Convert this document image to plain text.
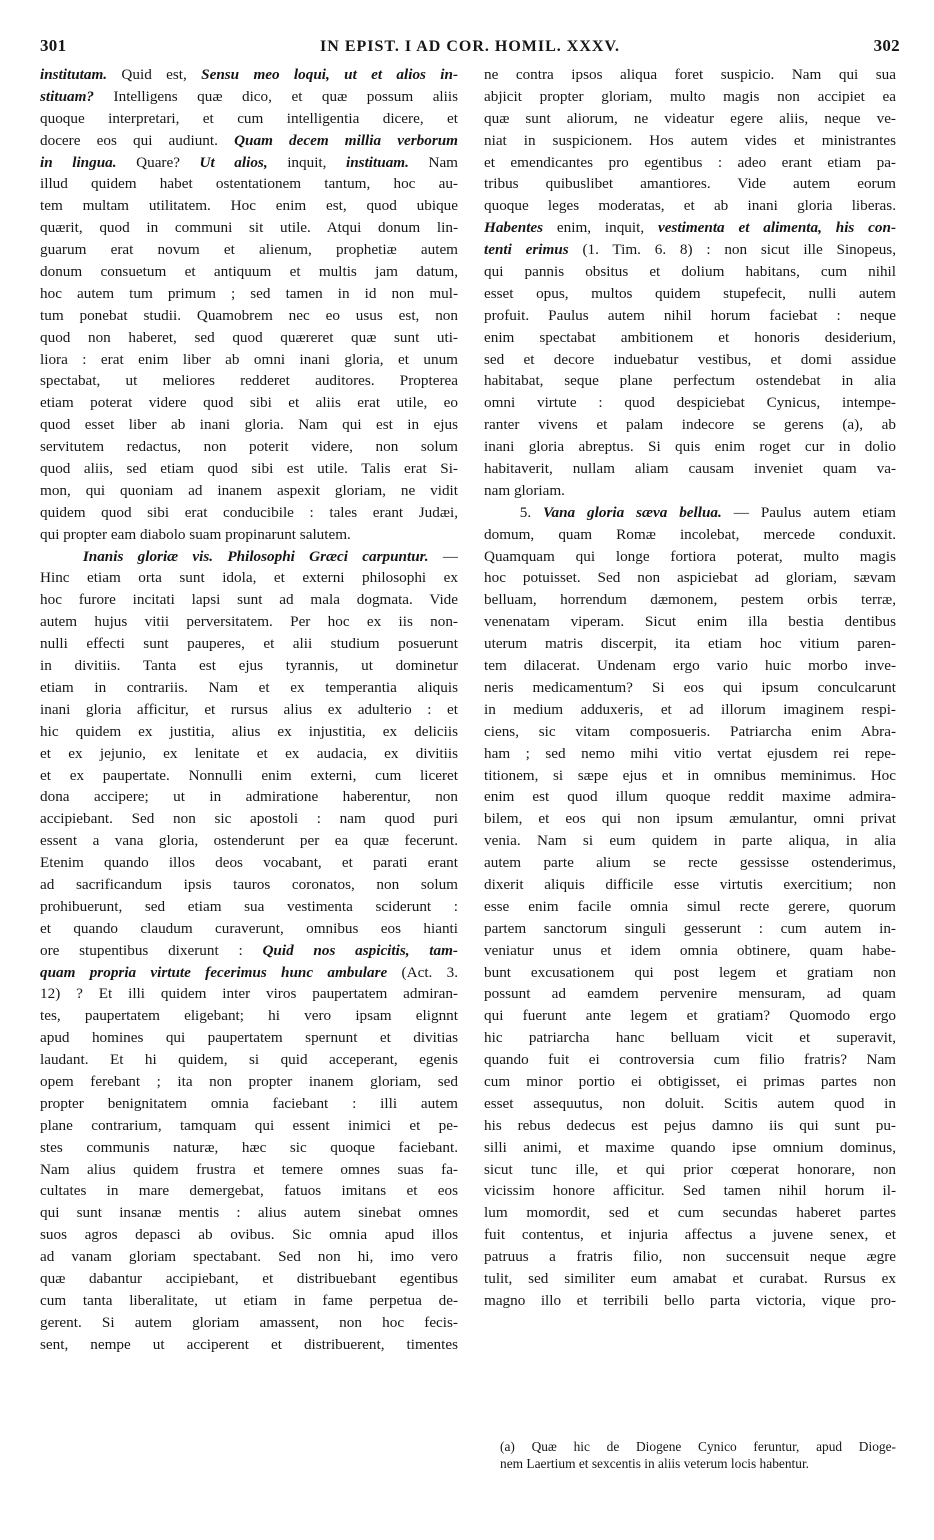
301	IN EPIST. I AD COR. HOMIL. XXXV.	302
institutam. Quid est, Sensu meo loqui, ut et alios in-
stituam? Intelligens quæ dico, et quæ possum aliis
quoque interpretari, et cum intelligentia dicere, et
docere eos qui audiunt. Quam decem millia verborum
in lingua. Quare? Ut alios, inquit, instituam. Nam
illud quidem habet ostentationem tantum, hoc au-
tem multam utilitatem. Hoc enim est, quod ubique
quærit, quod in communi sit utile. Atqui donum lin-
guarum erat novum et alienum, prophetiæ autem
donum consuetum et antiquum et multis jam datum,
hoc autem tum primum ; sed tamen in id non mul-
tum ponebat studii. Quamobrem nec eo usus est, non
quod non haberet, sed quod quæreret quæ sunt uti-
liora : erat enim liber ab omni inani gloria, et unum
spectabat, ut meliores redderet auditores. Propterea
etiam poterat videre quod sibi et aliis erat utile, eo
quod esset liber ab inani gloria. Nam qui est in ejus
servitutem redactus, non poterit videre, non solum
quod aliis, sed etiam quod sibi est utile. Talis erat Si-
mon, qui quoniam ad inanem aspexit gloriam, ne vidit
quidem quod sibi erat conducibile : tales erant Judæi,
qui propter eam diabolo suam propinarunt salutem.
Inanis gloriæ vis. Philosophi Græci carpuntur. —
Hinc etiam orta sunt idola, et externi philosophi ex
hoc furore incitati lapsi sunt ad mala dogmata. Vide
autem hujus vitii perversitatem. Per hoc ex iis non-
nulli effecti sunt pauperes, et alii studium posuerunt
in divitiis. Tanta est ejus tyrannis, ut dominetur
etiam in contrariis. Nam et ex temperantia aliquis
inani gloria afficitur, et rursus alius ex adulterio : et
hic quidem ex justitia, alius ex injustitia, ex deliciis
et ex jejunio, ex lenitate et ex audacia, ex divitiis
et ex paupertate. Nonnulli enim externi, cum liceret
dona accipere; ut in admiratione haberentur, non
accipiebant. Sed non sic apostoli : nam quod puri
essent a vana gloria, ostenderunt per ea quæ fecerunt.
Etenim quando illos deos vocabant, et parati erant
ad sacrificandum ipsis tauros coronatos, non solum
prohibuerunt, sed etiam sua vestimenta sciderunt :
et quando claudum curaverunt, omnibus eos hianti
ore stupentibus dixerunt : Quid nos aspicitis, tam-
quam propria virtute fecerimus hunc ambulare (Act. 3.
12) ? Et illi quidem inter viros paupertatem admiran-
tes, paupertatem eligebant; hi vero ipsam elignnt
apud homines qui paupertatem spernunt et divitias
laudant. Et hi quidem, si quid acceperant, egenis
opem ferebant ; ita non propter inanem gloriam, sed
propter benignitatem omnia faciebant : illi autem
plane contrarium, tamquam qui essent inimici et pe-
stes communis naturæ, hæc sic quoque faciebant.
Nam alius quidem frustra et temere omnes suas fa-
cultates in mare demergebat, fatuos imitans et eos
qui sunt insanæ mentis : alius autem sinebat omnes
suos agros depasci ab ovibus. Sic omnia apud illos
ad vanam gloriam spectabant. Sed non hi, imo vero
quæ dabantur accipiebant, et distribuebant egentibus
cum tanta liberalitate, ut etiam in fame perpetua de-
gerent. Si autem gloriam amassent, non hoc fecis-
sent, nempe ut acciperent et distribuerent, timentes
ne contra ipsos aliqua foret suspicio. Nam qui sua
abjicit propter gloriam, multo magis non accipiet ea
quæ sunt aliorum, ne videatur egere aliis, neque ve-
niat in suspicionem. Hos autem vides et ministrantes
et emendicantes pro egentibus : adeo erant etiam pa-
tribus quibuslibet amantiores. Vide autem eorum
quoque leges moderatas, et ab inani gloria liberas.
Habentes enim, inquit, vestimenta et alimenta, his con-
tenti erimus (1. Tim. 6. 8) : non sicut ille Sinopeus,
qui pannis obsitus et dolium habitans, cum nihil
esset opus, multos quidem stupefecit, nulli autem
profuit. Paulus autem nihil horum faciebat : neque
enim spectabat ambitionem et honoris desiderium,
sed et decore induebatur vestibus, et domi assidue
habitabat, seque plane perfectum ostendebat in alia
omni virtute : quod despiciebat Cynicus, intempe-
ranter vivens et palam indecore se gerens (a), ab
inani gloria abreptus. Si quis enim roget cur in dolio
habitaverit, nullam aliam causam inveniet quam va-
nam gloriam.
5. Vana gloria sæva bellua. — Paulus autem etiam
domum, quam Romæ incolebat, mercede conduxit.
Quamquam qui longe fortiora poterat, multo magis
hoc potuisset. Sed non aspiciebat ad gloriam, sævam
belluam, horrendum dæmonem, pestem orbis terræ,
venenatam viperam. Sicut enim illa bestia dentibus
uterum matris discerpit, ita etiam hoc vitium paren-
tem dilacerat. Undenam ergo vario huic morbo inve-
neris medicamentum? Si eos qui ipsum conculcarunt
in medium adduxeris, et ad illorum imaginem respi-
ciens, sic vitam composueris. Patriarcha enim Abra-
ham ; sed nemo mihi vitio vertat ejusdem rei repe-
titionem, si sæpe ejus et in omnibus meminimus. Hoc
enim est quod illum quoque reddit maxime admira-
bilem, et eos qui non ipsum æmulantur, omni privat
venia. Nam si eum quidem in parte aliqua, in alia
autem parte alium se recte gessisse ostenderimus,
dixerit aliquis difficile esse virtutis exercitium; non
esse enim facile omnia simul recte gerere, quorum
partem sanctorum singuli gesserunt : cum autem in-
veniatur unus et idem omnia obtinere, quam habe-
bunt excusationem qui post legem et gratiam non
possunt ad eamdem pervenire mensuram, ad quam
qui fuerunt ante legem et gratiam? Quomodo ergo
hic patriarcha hanc belluam vicit et superavit,
quando fuit ei controversia cum filio fratris? Nam
cum minor portio ei obtigisset, ei primas partes non
esset assequutus, non doluit. Scitis autem quod in
his rebus dedecus est pejus damno iis qui sunt pu-
silli animi, et maxime quando ipse omnium dominus,
sicut tunc ille, et qui prior cœperat honorare, non
vicissim honore afficitur. Sed tamen nihil horum il-
lum momordit, sed et cum secundas haberet partes
fuit contentus, et injuria affectus a juvene senex, et
patruus a fratris filio, non succensuit neque ægre
tulit, sed similiter eum amabat et curabat. Rursus ex
magno illo et terribili bello parta victoria, vique pro-
(a) Quæ hic de Diogene Cynico feruntur, apud Dioge-
nem Laertium et sexcentis in aliis veterum locis habentur.
